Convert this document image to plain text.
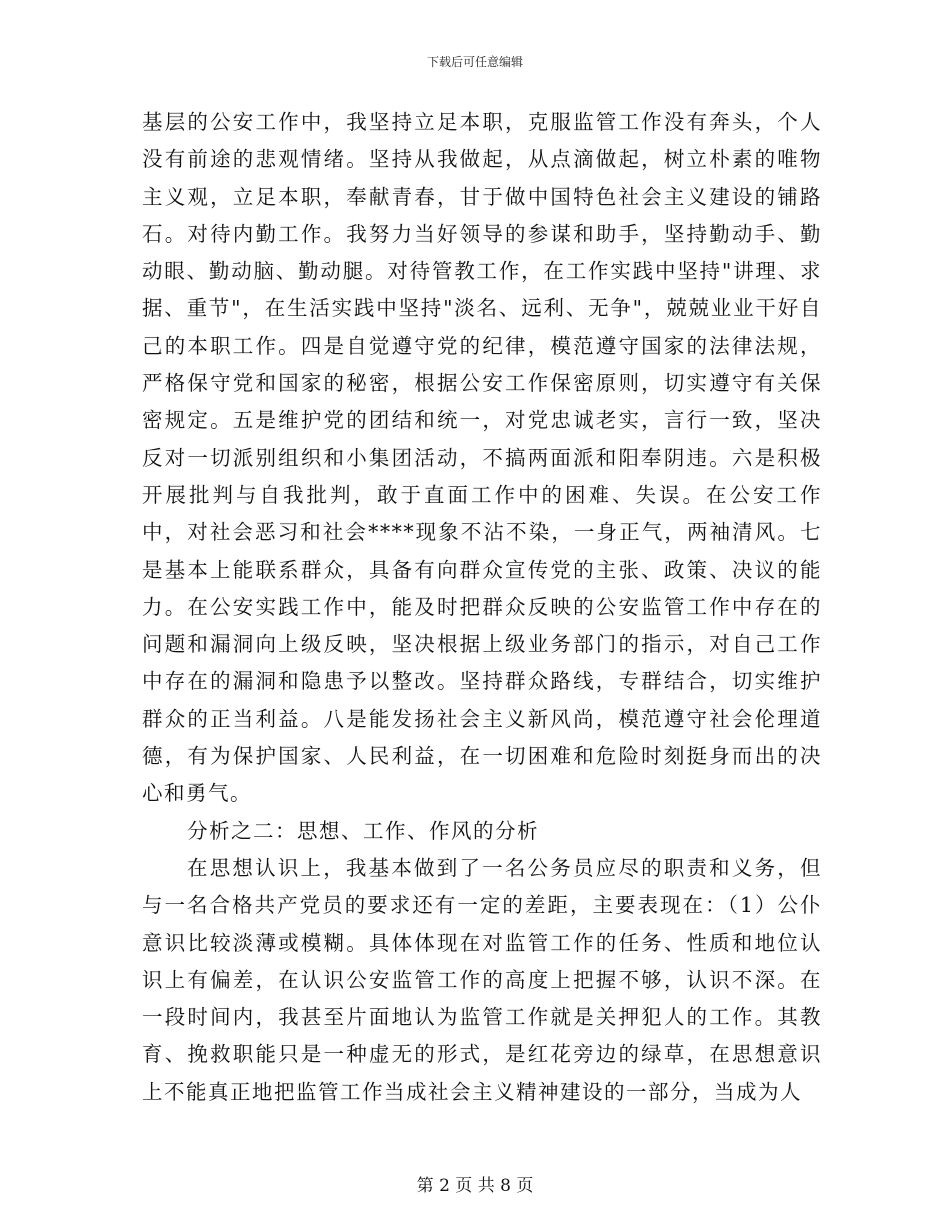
下载后可任意编辑

基层的公安工作中，我坚持立足本职，克服监管工作没有奔头，个人没有前途的悲观情绪。坚持从我做起，从点滴做起，树立朴素的唯物主义观，立足本职，奉献青春，甘于做中国特色社会主义建设的铺路石。对待内勤工作。我努力当好领导的参谋和助手，坚持勤动手、勤动眼、勤动脑、勤动腿。对待管教工作，在工作实践中坚持"讲理、求据、重节"，在生活实践中坚持"淡名、远利、无争"，兢兢业业干好自己的本职工作。四是自觉遵守党的纪律，模范遵守国家的法律法规，严格保守党和国家的秘密，根据公安工作保密原则，切实遵守有关保密规定。五是维护党的团结和统一，对党忠诚老实，言行一致，坚决反对一切派别组织和小集团活动，不搞两面派和阳奉阴违。六是积极开展批判与自我批判，敢于直面工作中的困难、失误。在公安工作中，对社会恶习和社会****现象不沾不染，一身正气，两袖清风。七是基本上能联系群众，具备有向群众宣传党的主张、政策、决议的能力。在公安实践工作中，能及时把群众反映的公安监管工作中存在的问题和漏洞向上级反映，坚决根据上级业务部门的指示，对自己工作中存在的漏洞和隐患予以整改。坚持群众路线，专群结合，切实维护群众的正当利益。八是能发扬社会主义新风尚，模范遵守社会伦理道德，有为保护国家、人民利益，在一切困难和危险时刻挺身而出的决心和勇气。

分析之二：思想、工作、作风的分析

在思想认识上，我基本做到了一名公务员应尽的职责和义务，但与一名合格共产党员的要求还有一定的差距，主要表现在：（1）公仆意识比较淡薄或模糊。具体体现在对监管工作的任务、性质和地位认识上有偏差，在认识公安监管工作的高度上把握不够，认识不深。在一段时间内，我甚至片面地认为监管工作就是关押犯人的工作。其教育、挽救职能只是一种虚无的形式，是红花旁边的绿草，在思想意识上不能真正地把监管工作当成社会主义精神建设的一部分，当成为人

第 2 页 共 8 页
